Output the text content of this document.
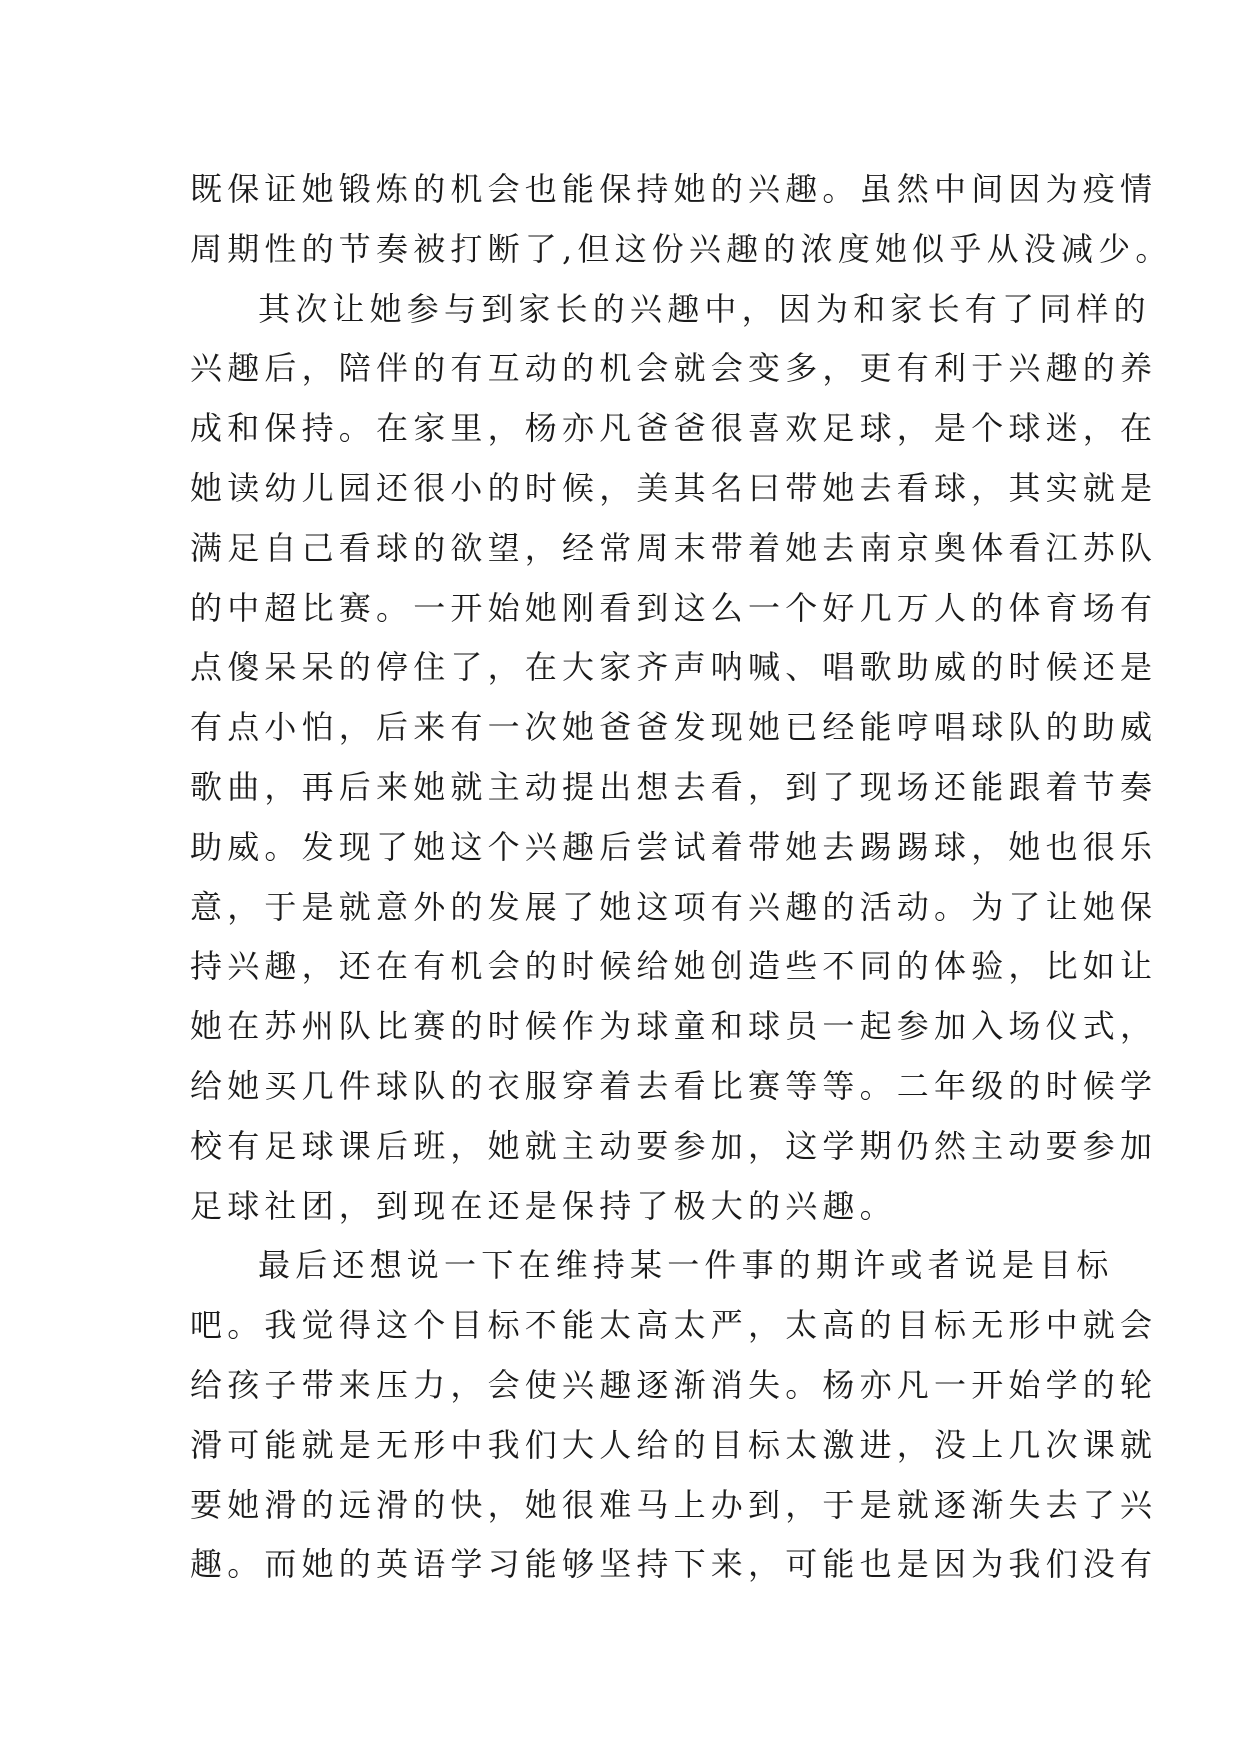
既保证她锻炼的机会也能保持她的兴趣。虽然中间因为疫情
周期性的节奏被打断了,但这份兴趣的浓度她似乎从没减少。
其次让她参与到家长的兴趣中，因为和家长有了同样的
兴趣后，陪伴的有互动的机会就会变多，更有利于兴趣的养
成和保持。在家里，杨亦凡爸爸很喜欢足球，是个球迷，在
她读幼儿园还很小的时候，美其名曰带她去看球，其实就是
满足自己看球的欲望，经常周末带着她去南京奥体看江苏队
的中超比赛。一开始她刚看到这么一个好几万人的体育场有
点傻呆呆的停住了，在大家齐声呐喊、唱歌助威的时候还是
有点小怕，后来有一次她爸爸发现她已经能哼唱球队的助威
歌曲，再后来她就主动提出想去看，到了现场还能跟着节奏
助威。发现了她这个兴趣后尝试着带她去踢踢球，她也很乐
意，于是就意外的发展了她这项有兴趣的活动。为了让她保
持兴趣，还在有机会的时候给她创造些不同的体验，比如让
她在苏州队比赛的时候作为球童和球员一起参加入场仪式，
给她买几件球队的衣服穿着去看比赛等等。二年级的时候学
校有足球课后班，她就主动要参加，这学期仍然主动要参加
足球社团，到现在还是保持了极大的兴趣。
最后还想说一下在维持某一件事的期许或者说是目标
吧。我觉得这个目标不能太高太严，太高的目标无形中就会
给孩子带来压力，会使兴趣逐渐消失。杨亦凡一开始学的轮
滑可能就是无形中我们大人给的目标太激进，没上几次课就
要她滑的远滑的快，她很难马上办到，于是就逐渐失去了兴
趣。而她的英语学习能够坚持下来，可能也是因为我们没有
